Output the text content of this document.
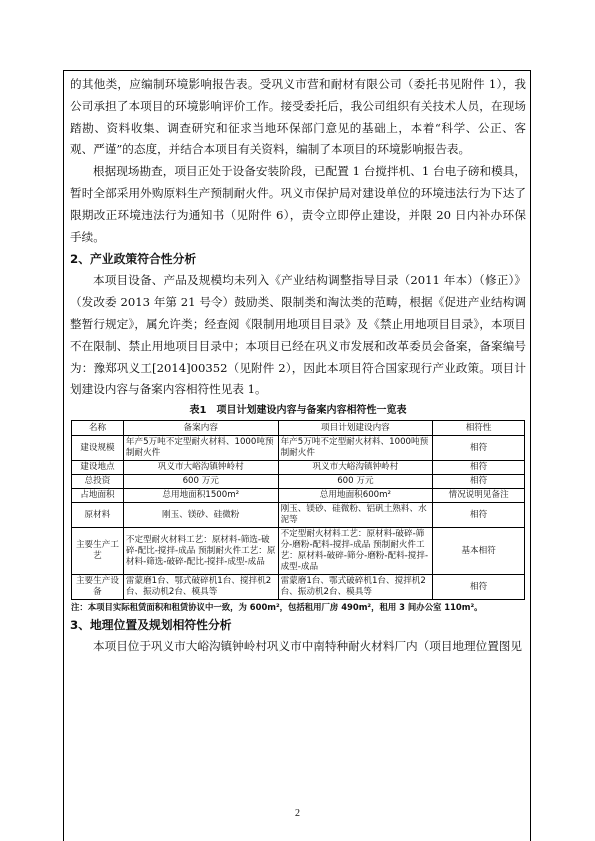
的其他类，应编制环境影响报告表。受巩义市营和耐材有限公司（委托书见附件 1），我公司承担了本项目的环境影响评价工作。接受委托后，我公司组织有关技术人员，在现场踏勘、资料收集、调查研究和征求当地环保部门意见的基础上，本着“科学、公正、客观、严谨”的态度，并结合本项目有关资料，编制了本项目的环境影响报告表。

根据现场勘查，项目正处于设备安装阶段，已配置 1 台搅拌机、1 台电子磅和模具，暂时全部采用外购原料生产预制耐火件。巩义市保护局对建设单位的环境违法行为下达了限期改正环境违法行为通知书（见附件 6），责令立即停止建设，并限 20 日内补办环保手续。

2、产业政策符合性分析

本项目设备、产品及规模均未列入《产业结构调整指导目录（2011 年本）（修正）》（发改委 2013 年第 21 号令）鼓励类、限制类和淘汰类的范畴，根据《促进产业结构调整暂行规定》，属允许类；经查阅《限制用地项目目录》及《禁止用地项目目录》，本项目不在限制、禁止用地项目目录中；本项目已经在巩义市发展和改革委员会备案，备案编号为：豫郑巩义工[2014]00352（见附件 2），因此本项目符合国家现行产业政策。项目计划建设内容与备案内容相符性见表 1。

表1　项目计划建设内容与备案内容相符性一览表
名称	备案内容	项目计划建设内容	相符性
建设规模	年产5万吨不定型耐火材料、1000吨预制耐火件	年产5万吨不定型耐火材料、1000吨预制耐火件	相符
建设地点	巩义市大峪沟镇钟岭村	巩义市大峪沟镇钟岭村	相符
总投资	600 万元	600 万元	相符
占地面积	总用地面积1500m²	总用地面积600m²	情况说明见备注
原材料	刚玉、镁砂、硅微粉	刚玉、镁砂、硅微粉、铝矾土熟料、水泥等	相符
主要生产工艺	不定型耐火材料工艺：原材料-筛选-破碎-配比-搅拌-成品 预制耐火件工艺：原材料-筛选-破碎-配比-搅拌-成型-成品	不定型耐火材料工艺：原材料-破碎-筛分-磨粉-配料-搅拌-成品 预制耐火件工艺：原材料-破碎-筛分-磨粉-配料-搅拌-成型-成品	基本相符
主要生产设备	雷蒙磨1台、鄂式破碎机1台、搅拌机2台、振动机2台、模具等	雷蒙磨1台、鄂式破碎机1台、搅拌机2台、振动机2台、模具等	相符
注：本项目实际租赁面积和租赁协议中一致，为 600m²，包括租用厂房 490m²，租用 3 间办公室 110m²。
3、地理位置及规划相符性分析

本项目位于巩义市大峪沟镇钟岭村巩义市中南特种耐火材料厂内（项目地理位置图见

2
